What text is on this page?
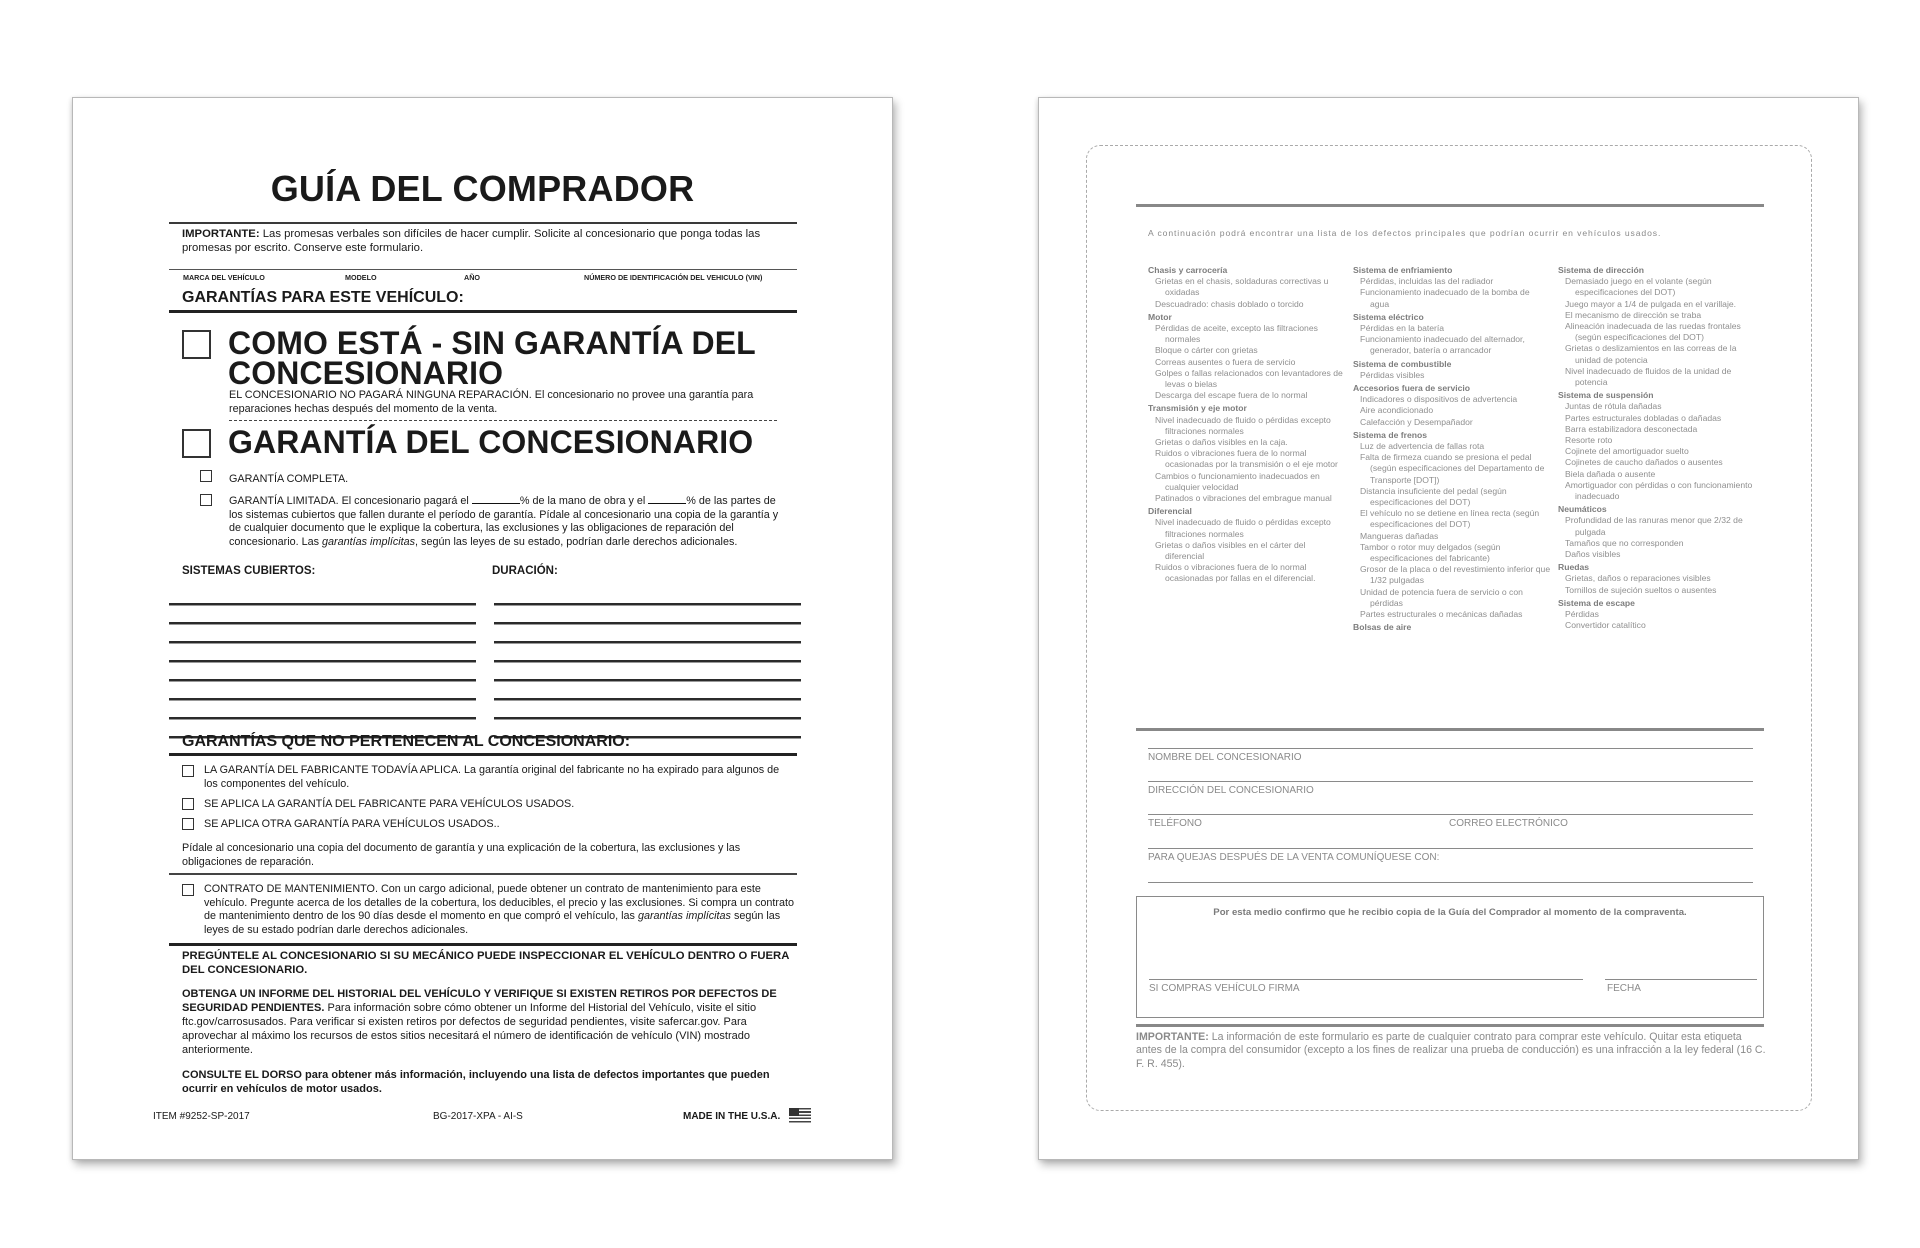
GUÍA DEL COMPRADOR
IMPORTANTE: Las promesas verbales son difíciles de hacer cumplir. Solicite al concesionario que ponga todas las promesas por escrito. Conserve este formulario.
MARCA DEL VEHÍCULO	MODELO	AÑO	NÚMERO DE IDENTIFICACIÓN DEL VEHICULO (VIN)
GARANTÍAS PARA ESTE VEHÍCULO:
COMO ESTÁ - SIN GARANTÍA DEL
CONCESIONARIO
EL CONCESIONARIO NO PAGARÁ NINGUNA REPARACIÓN. El concesionario no provee una garantía para reparaciones hechas después del momento de la venta.
GARANTÍA DEL CONCESIONARIO
GARANTÍA COMPLETA.
GARANTÍA LIMITADA. El concesionario pagará el	% de la mano de obra y el	% de las partes de los sistemas cubiertos que fallen durante el período de garantía. Pídale al concesionario una copia de la garantía y de cualquier documento que le explique la cobertura, las exclusiones y las obligaciones de reparación del concesionario. Las garantías implícitas, según las leyes de su estado, podrían darle derechos adicionales.
SISTEMAS CUBIERTOS:	DURACIÓN:
GARANTÍAS QUE NO PERTENECEN AL CONCESIONARIO:
LA GARANTÍA DEL FABRICANTE TODAVÍA APLICA. La garantía original del fabricante no ha expirado para algunos de los componentes del vehículo.
SE APLICA LA GARANTÍA DEL FABRICANTE PARA VEHÍCULOS USADOS.
SE APLICA OTRA GARANTÍA PARA VEHÍCULOS USADOS..
Pídale al concesionario una copia del documento de garantía y una explicación de la cobertura, las exclusiones y las obligaciones de reparación.
CONTRATO DE MANTENIMIENTO. Con un cargo adicional, puede obtener un contrato de mantenimiento para este vehículo. Pregunte acerca de los detalles de la cobertura, los deducibles, el precio y las exclusiones. Si compra un contrato de mantenimiento dentro de los 90 días desde el momento en que compró el vehículo, las garantías implícitas según las leyes de su estado podrían darle derechos adicionales.
PREGÚNTELE AL CONCESIONARIO SI SU MECÁNICO PUEDE INSPECCIONAR EL VEHÍCULO DENTRO O FUERA DEL CONCESIONARIO.
OBTENGA UN INFORME DEL HISTORIAL DEL VEHÍCULO Y VERIFIQUE SI EXISTEN RETIROS POR DEFECTOS DE SEGURIDAD PENDIENTES. Para información sobre cómo obtener un Informe del Historial del Vehículo, visite el sitio ftc.gov/carrosusados. Para verificar si existen retiros por defectos de seguridad pendientes, visite safercar.gov. Para aprovechar al máximo los recursos de estos sitios necesitará el número de identificación de vehículo (VIN) mostrado anteriormente.
CONSULTE EL DORSO para obtener más información, incluyendo una lista de defectos importantes que pueden ocurrir en vehículos de motor usados.
ITEM #9252-SP-2017	BG-2017-XPA - AI-S	MADE IN THE U.S.A.
A continuación podrá encontrar una lista de los defectos principales que podrían ocurrir en vehículos usados.
Chasis y carrocería
Grietas en el chasis, soldaduras correctivas u oxidadas
Descuadrado: chasis doblado o torcido
Motor
Pérdidas de aceite, excepto las filtraciones normales
Bloque o cárter con grietas
Correas ausentes o fuera de servicio
Golpes o fallas relacionados con levantadores de levas o bielas
Descarga del escape fuera de lo normal
Transmisión y eje motor
Nivel inadecuado de fluido o pérdidas excepto filtraciones normales
Grietas o daños visibles en la caja.
Ruidos o vibraciones fuera de lo normal ocasionadas por la transmisión o el eje motor
Cambios o funcionamiento inadecuados en cualquier velocidad
Patinados o vibraciones del embrague manual
Diferencial
Nivel inadecuado de fluido o pérdidas excepto filtraciones normales
Grietas o daños visibles en el cárter del diferencial
Ruidos o vibraciones fuera de lo normal ocasionadas por fallas en el diferencial.
Sistema de enfriamiento
Pérdidas, incluidas las del radiador
Funcionamiento inadecuado de la bomba de agua
Sistema eléctrico
Pérdidas en la batería
Funcionamiento inadecuado del alternador, generador, batería o arrancador
Sistema de combustible
Pérdidas visibles
Accesorios fuera de servicio
Indicadores o dispositivos de advertencia
Aire acondicionado
Calefacción y Desempañador
Sistema de frenos
Luz de advertencia de fallas rota
Falta de firmeza cuando se presiona el pedal (según especificaciones del Departamento de Transporte [DOT])
Distancia insuficiente del pedal (según especificaciones del DOT)
El vehículo no se detiene en línea recta (según especificaciones del DOT)
Mangueras dañadas
Tambor o rotor muy delgados (según especificaciones del fabricante)
Grosor de la placa o del revestimiento inferior que 1/32 pulgadas
Unidad de potencia fuera de servicio o con pérdidas
Partes estructurales o mecánicas dañadas
Bolsas de aire
Sistema de dirección
Demasiado juego en el volante (según especificaciones del DOT)
Juego mayor a 1/4 de pulgada en el varillaje.
El mecanismo de dirección se traba
Alineación inadecuada de las ruedas frontales (según especificaciones del DOT)
Grietas o deslizamientos en las correas de la unidad de potencia
Nivel inadecuado de fluidos de la unidad de potencia
Sistema de suspensión
Juntas de rótula dañadas
Partes estructurales dobladas o dañadas
Barra estabilizadora desconectada
Resorte roto
Cojinete del amortiguador suelto
Cojinetes de caucho dañados o ausentes
Biela dañada o ausente
Amortiguador con pérdidas o con funcionamiento inadecuado
Neumáticos
Profundidad de las ranuras menor que 2/32 de pulgada
Tamaños que no corresponden
Daños visibles
Ruedas
Grietas, daños o reparaciones visibles
Tornillos de sujeción sueltos o ausentes
Sistema de escape
Pérdidas
Convertidor catalítico
NOMBRE DEL CONCESIONARIO
DIRECCIÓN DEL CONCESIONARIO
TELÉFONO	CORREO ELECTRÓNICO
PARA QUEJAS DESPUÉS DE LA VENTA COMUNÍQUESE CON:
Por esta medio confirmo que he recibio copia de la Guía del Comprador al momento de la compraventa.
SI COMPRAS VEHÍCULO FIRMA	FECHA
IMPORTANTE: La información de este formulario es parte de cualquier contrato para comprar este vehículo. Quitar esta etiqueta antes de la compra del consumidor (excepto a los fines de realizar una prueba de conducción) es una infracción a la ley federal (16 C. F. R. 455).
